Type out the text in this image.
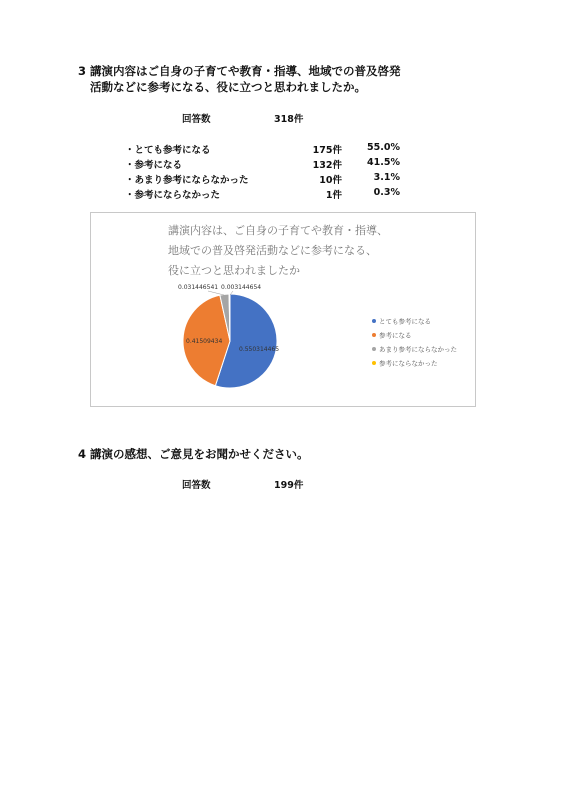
3 講演内容はご自身の子育てや教育・指導、地域での普及啓発
活動などに参考になる、役に立つと思われましたか。
回答数	318件
・とても参考になる	175件	55.0%
・参考になる	132件	41.5%
・あまり参考にならなかった	10件	3.1%
・参考にならなかった	1件	0.3%
講演内容は、ご自身の子育てや教育・指導、
地域での普及啓発活動などに参考になる、
役に立つと思われましたか
0.550314465
0.41509434
0.031446541 0.003144654
とても参考になる
参考になる
あまり参考にならなかった
参考にならなかった
4 講演の感想、ご意見をお聞かせください。
回答数	199件
